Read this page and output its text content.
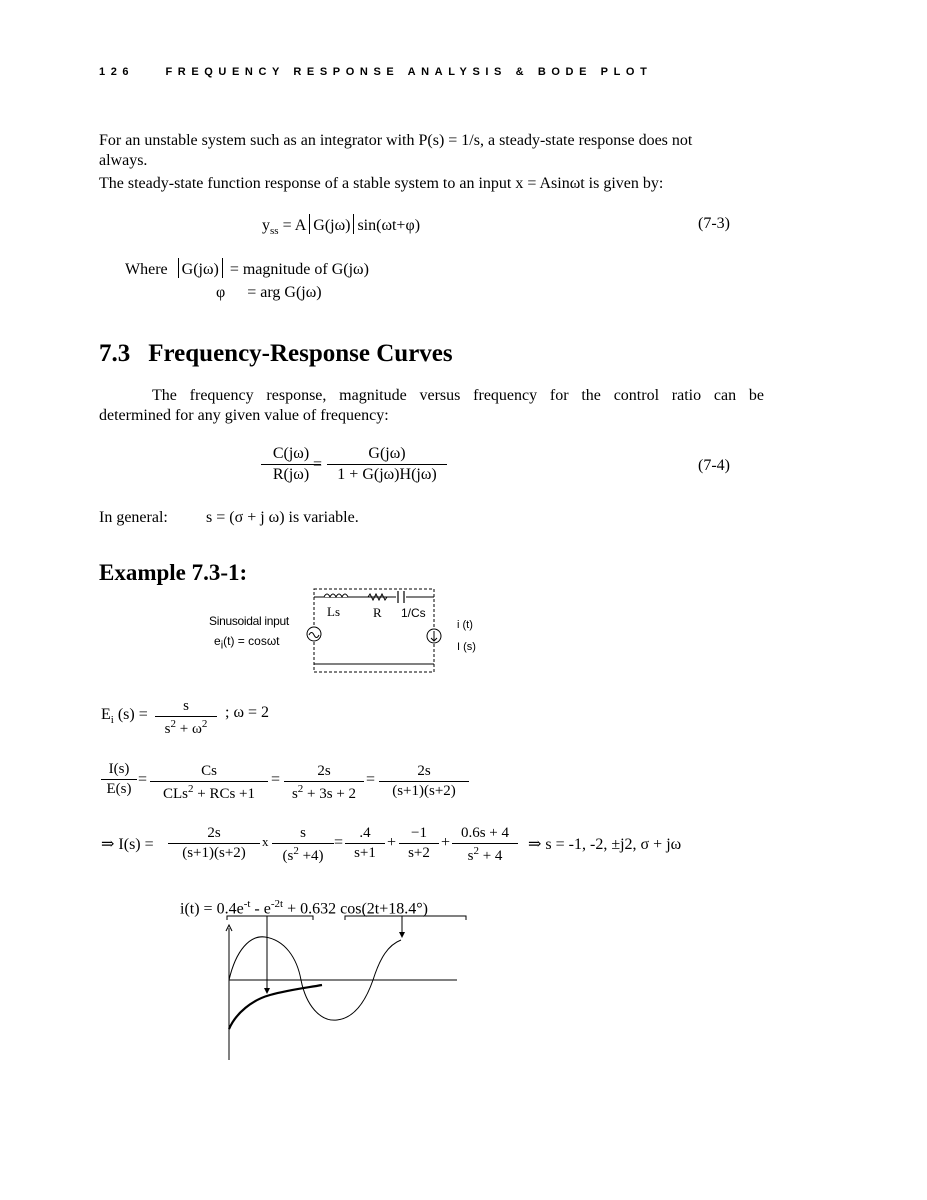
126	FREQUENCY RESPONSE ANALYSIS & BODE PLOT
For an unstable system such as an integrator with P(s) = 1/s, a steady-state response does not
always.
The steady-state function response of a stable system to an input x = Asinωt is given by:
$y_{ss} = A$ G(jω) sin(ωt+φ)	(7-3)
Where G(jω) = magnitude of G(jω)
φ = arg G(jω)
7.3 Frequency-Response Curves
The frequency response, magnitude versus frequency for the control ratio can be
determined for any given value of frequency:
$\frac{C(j\omega)}{R(j\omega)}$
= $\frac{G(j\omega)}{1 + G(j\omega)H(j\omega)}$	(7-4)
In general: s = (σ + j ω) is variable.
Example 7.3-1:
Sinusoidal input
$e_i(t) = \cos\omega t$
Ls	R 1/Cs
i (t)
I (s)
$E_i$ $(s) = \frac{s}{s^2 + \omega^2}$ ; ω = 2
$\frac{I(s)}{E(s)}$ =	Cs
CLs$^2$ + RCs +1
= $\frac{2s}{s^2 + 3s + 2} = \frac{2s}{(s+1)(s+2)}$
⇒ $I(s) = \frac{2s}{(s+1)(s+2)}$ x $\frac{s}{(s^2 +4)} = \frac{.4}{s+1} + \frac{-1}{s+2} + \frac{0.6s + 4}{s^2 + 4}$ ⇒ s = -1, -2, ±j2, σ + jω
$i(t) = 0.4e^{-t} - e^{-2t} + 0.632$ cos(2t+18.4°)
